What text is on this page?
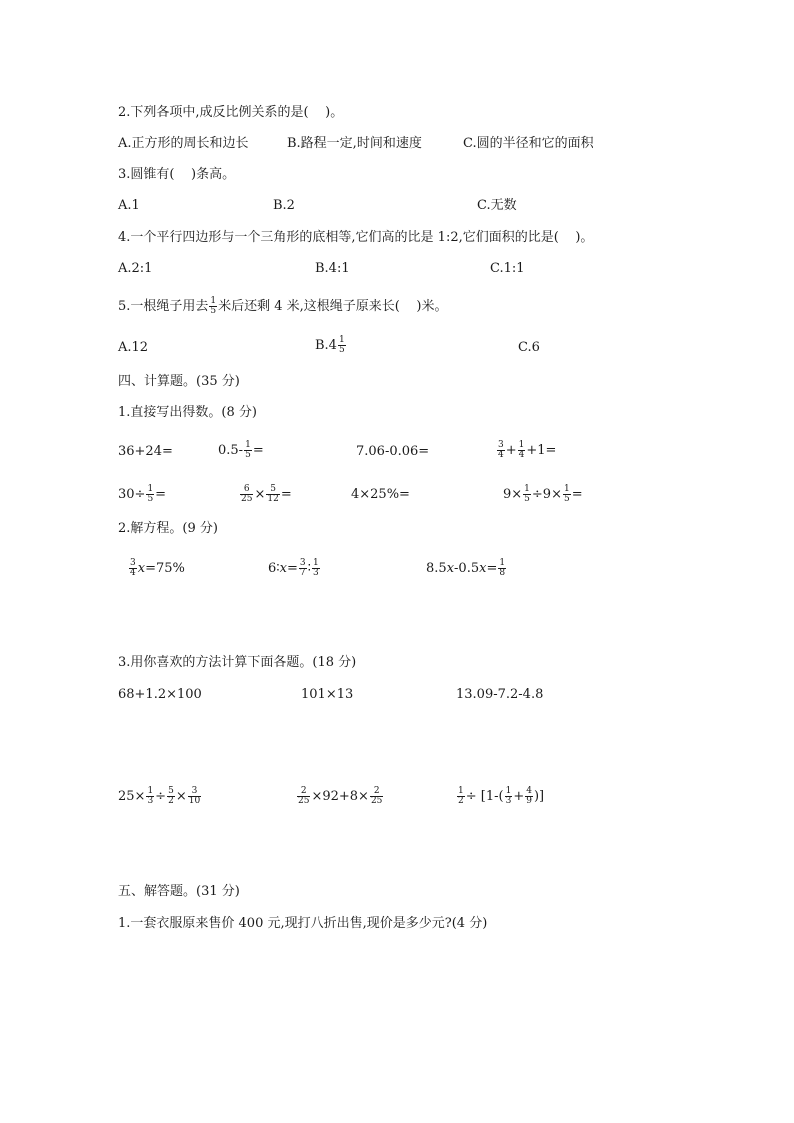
2.下列各项中,成反比例关系的是(    )。
A.正方形的周长和边长	B.路程一定,时间和速度	C.圆的半径和它的面积
3.圆锥有(    )条高。
A.1	B.2	C.无数
4.一个平行四边形与一个三角形的底相等,它们高的比是 1:2,它们面积的比是(    )。
A.2:1	B.4:1	C.1:1
5.一根绳子用去 $\frac{1}{5}$ 米后还剩 4 米,这根绳子原来长(    )米。
A.12	B.4 1
5	C.6
四、计算题。(35 分)
1.直接写出得数。(8 分)
36+24=	$0.5- \frac{1}{5}$ =	7.06-0.06=	$\frac{3}{4} + \frac{1}{4} +1=$
$30\div \frac{1}{5}$ =	$\frac{6}{25} \times \frac{5}{12}$ =	4×25%=	$9\times \frac{1}{5} \div 9\times \frac{1}{5}$ =
2.解方程。(9 分)
$\frac{3}{4} x=75\%$	6∶x= $\frac{3}{7}$ ∶ $\frac{1}{3}$	$8.5x-0.5x= \frac{1}{8}$
3.用你喜欢的方法计算下面各题。(18 分)
68+1.2×100	101×13	13.09-7.2-4.8
$25\times \frac{1}{3} \div \frac{5}{2} \times \frac{3}{10}$	$\frac{2}{25} \times 92+8\times \frac{2}{25}$	$\frac{1}{2} \div [1-( \frac{1}{3} + \frac{4}{9}$ )]
五、解答题。(31 分)
1.一套衣服原来售价 400 元,现打八折出售,现价是多少元?(4 分)
